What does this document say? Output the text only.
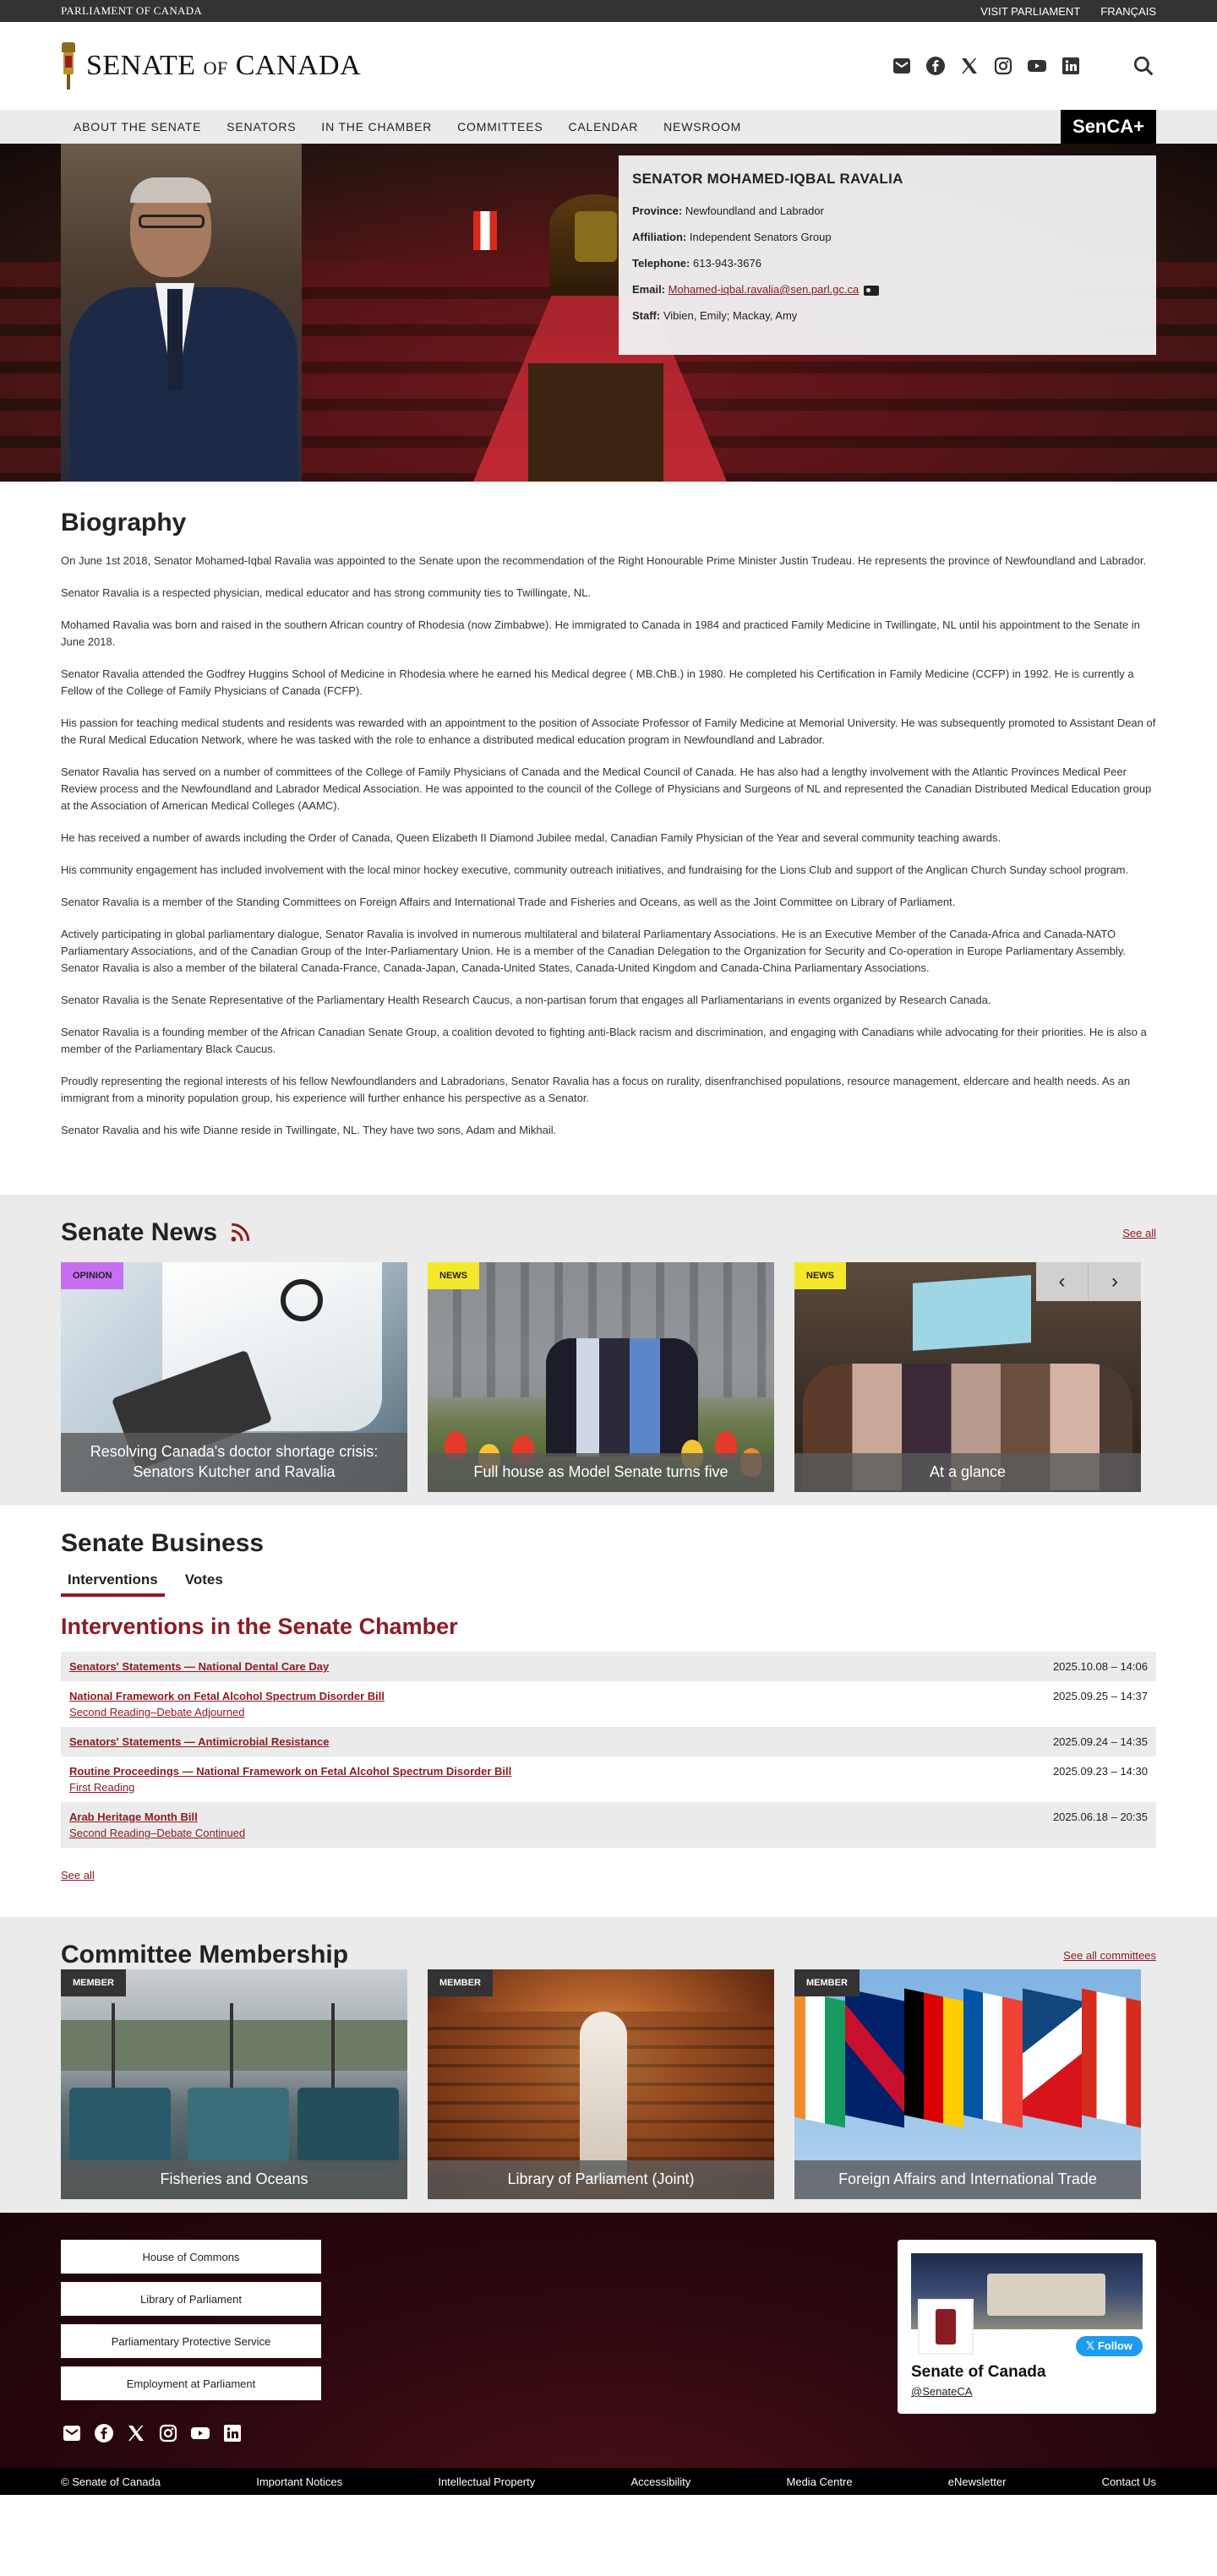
PARLIAMENT OF CANADA	VISIT PARLIAMENT FRANÇAIS
SENATE OF CANADA
ABOUT THE SENATE	SENATORS	IN THE CHAMBER	COMMITTEES	CALENDAR	NEWSROOM	SenCA+
SENATOR MOHAMED-IQBAL RAVALIA

Province: Newfoundland and Labrador

Affiliation: Independent Senators Group

Telephone: 613-943-3676

Email: Mohamed-iqbal.ravalia@sen.parl.gc.ca

Staff: Vibien, Emily; Mackay, Amy

Biography

On June 1st 2018, Senator Mohamed-Iqbal Ravalia was appointed to the Senate upon the recommendation of the Right Honourable Prime Minister Justin Trudeau. He represents the province of Newfoundland and Labrador.

Senator Ravalia is a respected physician, medical educator and has strong community ties to Twillingate, NL.

Mohamed Ravalia was born and raised in the southern African country of Rhodesia (now Zimbabwe). He immigrated to Canada in 1984 and practiced Family Medicine in Twillingate, NL until his appointment to the Senate in June 2018.

Senator Ravalia attended the Godfrey Huggins School of Medicine in Rhodesia where he earned his Medical degree ( MB.ChB.) in 1980. He completed his Certification in Family Medicine (CCFP) in 1992. He is currently a Fellow of the College of Family Physicians of Canada (FCFP).

His passion for teaching medical students and residents was rewarded with an appointment to the position of Associate Professor of Family Medicine at Memorial University. He was subsequently promoted to Assistant Dean of the Rural Medical Education Network, where he was tasked with the role to enhance a distributed medical education program in Newfoundland and Labrador.

Senator Ravalia has served on a number of committees of the College of Family Physicians of Canada and the Medical Council of Canada. He has also had a lengthy involvement with the Atlantic Provinces Medical Peer Review process and the Newfoundland and Labrador Medical Association. He was appointed to the council of the College of Physicians and Surgeons of NL and represented the Canadian Distributed Medical Education group at the Association of American Medical Colleges (AAMC).

He has received a number of awards including the Order of Canada, Queen Elizabeth II Diamond Jubilee medal, Canadian Family Physician of the Year and several community teaching awards.

His community engagement has included involvement with the local minor hockey executive, community outreach initiatives, and fundraising for the Lions Club and support of the Anglican Church Sunday school program.

Senator Ravalia is a member of the Standing Committees on Foreign Affairs and International Trade and Fisheries and Oceans, as well as the Joint Committee on Library of Parliament.

Actively participating in global parliamentary dialogue, Senator Ravalia is involved in numerous multilateral and bilateral Parliamentary Associations. He is an Executive Member of the Canada-Africa and Canada-NATO Parliamentary Associations, and of the Canadian Group of the Inter-Parliamentary Union. He is a member of the Canadian Delegation to the Organization for Security and Co-operation in Europe Parliamentary Assembly. Senator Ravalia is also a member of the bilateral Canada-France, Canada-Japan, Canada-United States, Canada-United Kingdom and Canada-China Parliamentary Associations.

Senator Ravalia is the Senate Representative of the Parliamentary Health Research Caucus, a non-partisan forum that engages all Parliamentarians in events organized by Research Canada.

Senator Ravalia is a founding member of the African Canadian Senate Group, a coalition devoted to fighting anti-Black racism and discrimination, and engaging with Canadians while advocating for their priorities. He is also a member of the Parliamentary Black Caucus.

Proudly representing the regional interests of his fellow Newfoundlanders and Labradorians, Senator Ravalia has a focus on rurality, disenfranchised populations, resource management, eldercare and health needs. As an immigrant from a minority population group, his experience will further enhance his perspective as a Senator.

Senator Ravalia and his wife Dianne reside in Twillingate, NL. They have two sons, Adam and Mikhail.

Senate News	See all
OPINION
Resolving Canada's doctor shortage crisis: Senators Kutcher and Ravalia
NEWS
Full house as Model Senate turns five
NEWS
At a glance
‹	›
Senate Business
Interventions	Votes
Interventions in the Senate Chamber
Senators' Statements — National Dental Care Day	2025.10.08 – 14:06
National Framework on Fetal Alcohol Spectrum Disorder Bill
Second Reading–Debate Adjourned
2025.09.25 – 14:37
Senators' Statements — Antimicrobial Resistance	2025.09.24 – 14:35
Routine Proceedings — National Framework on Fetal Alcohol Spectrum Disorder Bill
First Reading
2025.09.23 – 14:30
Arab Heritage Month Bill
Second Reading–Debate Continued
2025.06.18 – 20:35
See all
Committee Membership	See all committees
MEMBER
Fisheries and Oceans
MEMBER
Library of Parliament (Joint)
MEMBER
Foreign Affairs and International Trade
House of Commons
Library of Parliament
Parliamentary Protective Service
Employment at Parliament
𝕏 Follow
Senate of Canada
@SenateCA
© Senate of Canada	Important Notices	Intellectual Property	Accessibility	Media Centre	eNewsletter	Contact Us
